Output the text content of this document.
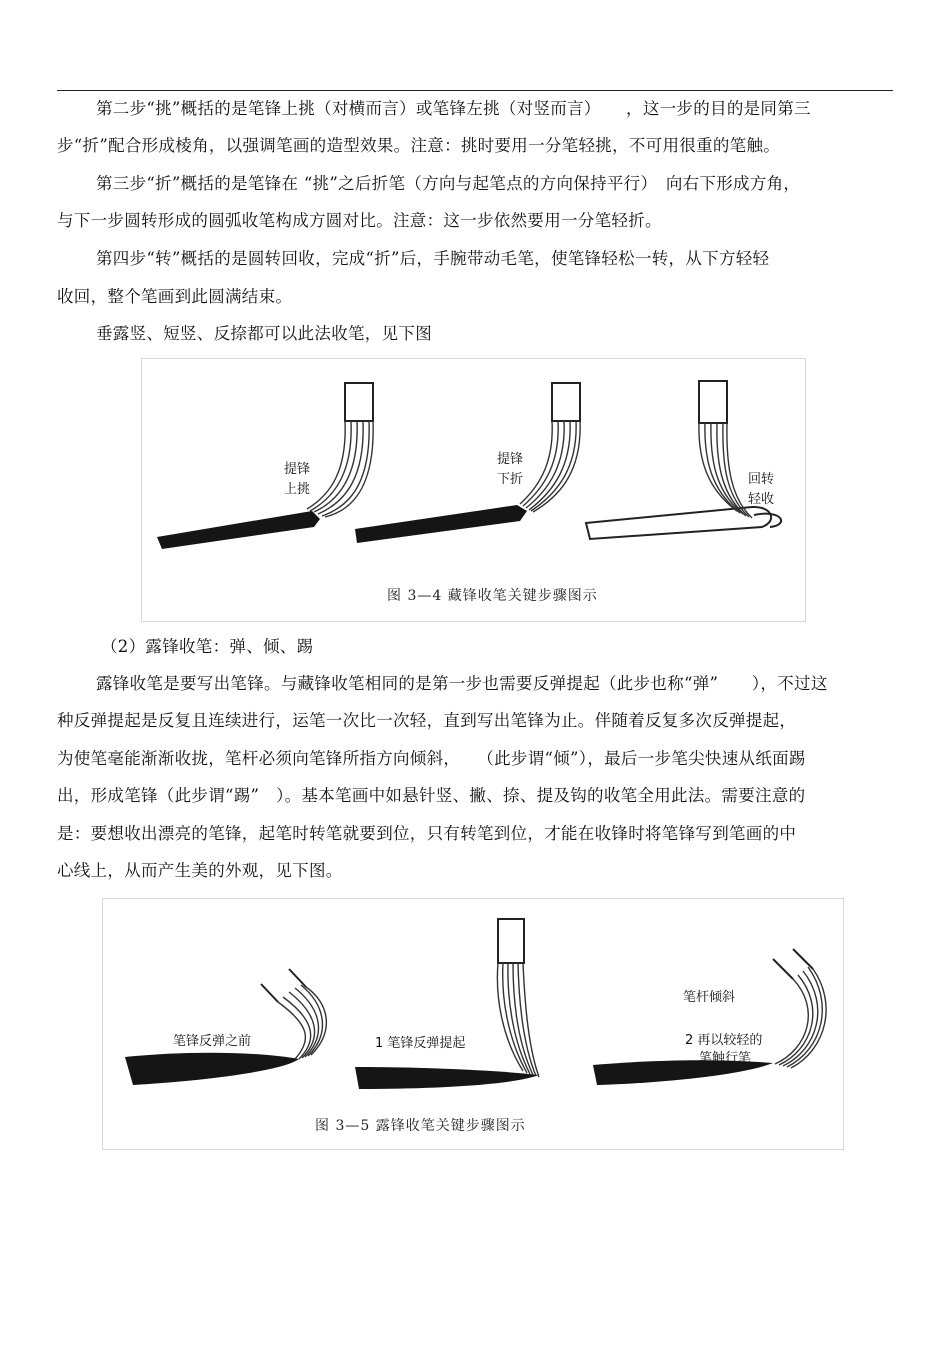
第二步“挑”概括的是笔锋上挑（对横而言）或笔锋左挑（对竖而言）　　，这一步的目的是同第三
步“折”配合形成棱角，以强调笔画的造型效果。注意：挑时要用一分笔轻挑，不可用很重的笔触。
第三步“折”概括的是笔锋在 “挑”之后折笔（方向与起笔点的方向保持平行）　向右下形成方角，
与下一步圆转形成的圆弧收笔构成方圆对比。注意：这一步依然要用一分笔轻折。
第四步“转”概括的是圆转回收，完成“折”后，手腕带动毛笔，使笔锋轻松一转，从下方轻轻
收回，整个笔画到此圆满结束。
垂露竖、短竖、反捺都可以此法收笔，见下图
提锋
上挑
提锋
下折	回转
轻收
图 3—4 藏锋收笔关键步骤图示
（2）露锋收笔：弹、倾、踢
露锋收笔是要写出笔锋。与藏锋收笔相同的是第一步也需要反弹提起（此步也称“弹”　　），不过这
种反弹提起是反复且连续进行，运笔一次比一次轻，直到写出笔锋为止。伴随着反复多次反弹提起，
为使笔毫能渐渐收拢，笔杆必须向笔锋所指方向倾斜，　　（此步谓“倾”），最后一步笔尖快速从纸面踢
出，形成笔锋（此步谓“踢”　）。基本笔画中如悬针竖、撇、捺、提及钩的收笔全用此法。需要注意的
是：要想收出漂亮的笔锋，起笔时转笔就要到位，只有转笔到位，才能在收锋时将笔锋写到笔画的中
心线上，从而产生美的外观，见下图。
笔锋反弹之前	1 笔锋反弹提起
笔杆倾斜
2 再以较轻的
笔触行笔
图 3—5 露锋收笔关键步骤图示
